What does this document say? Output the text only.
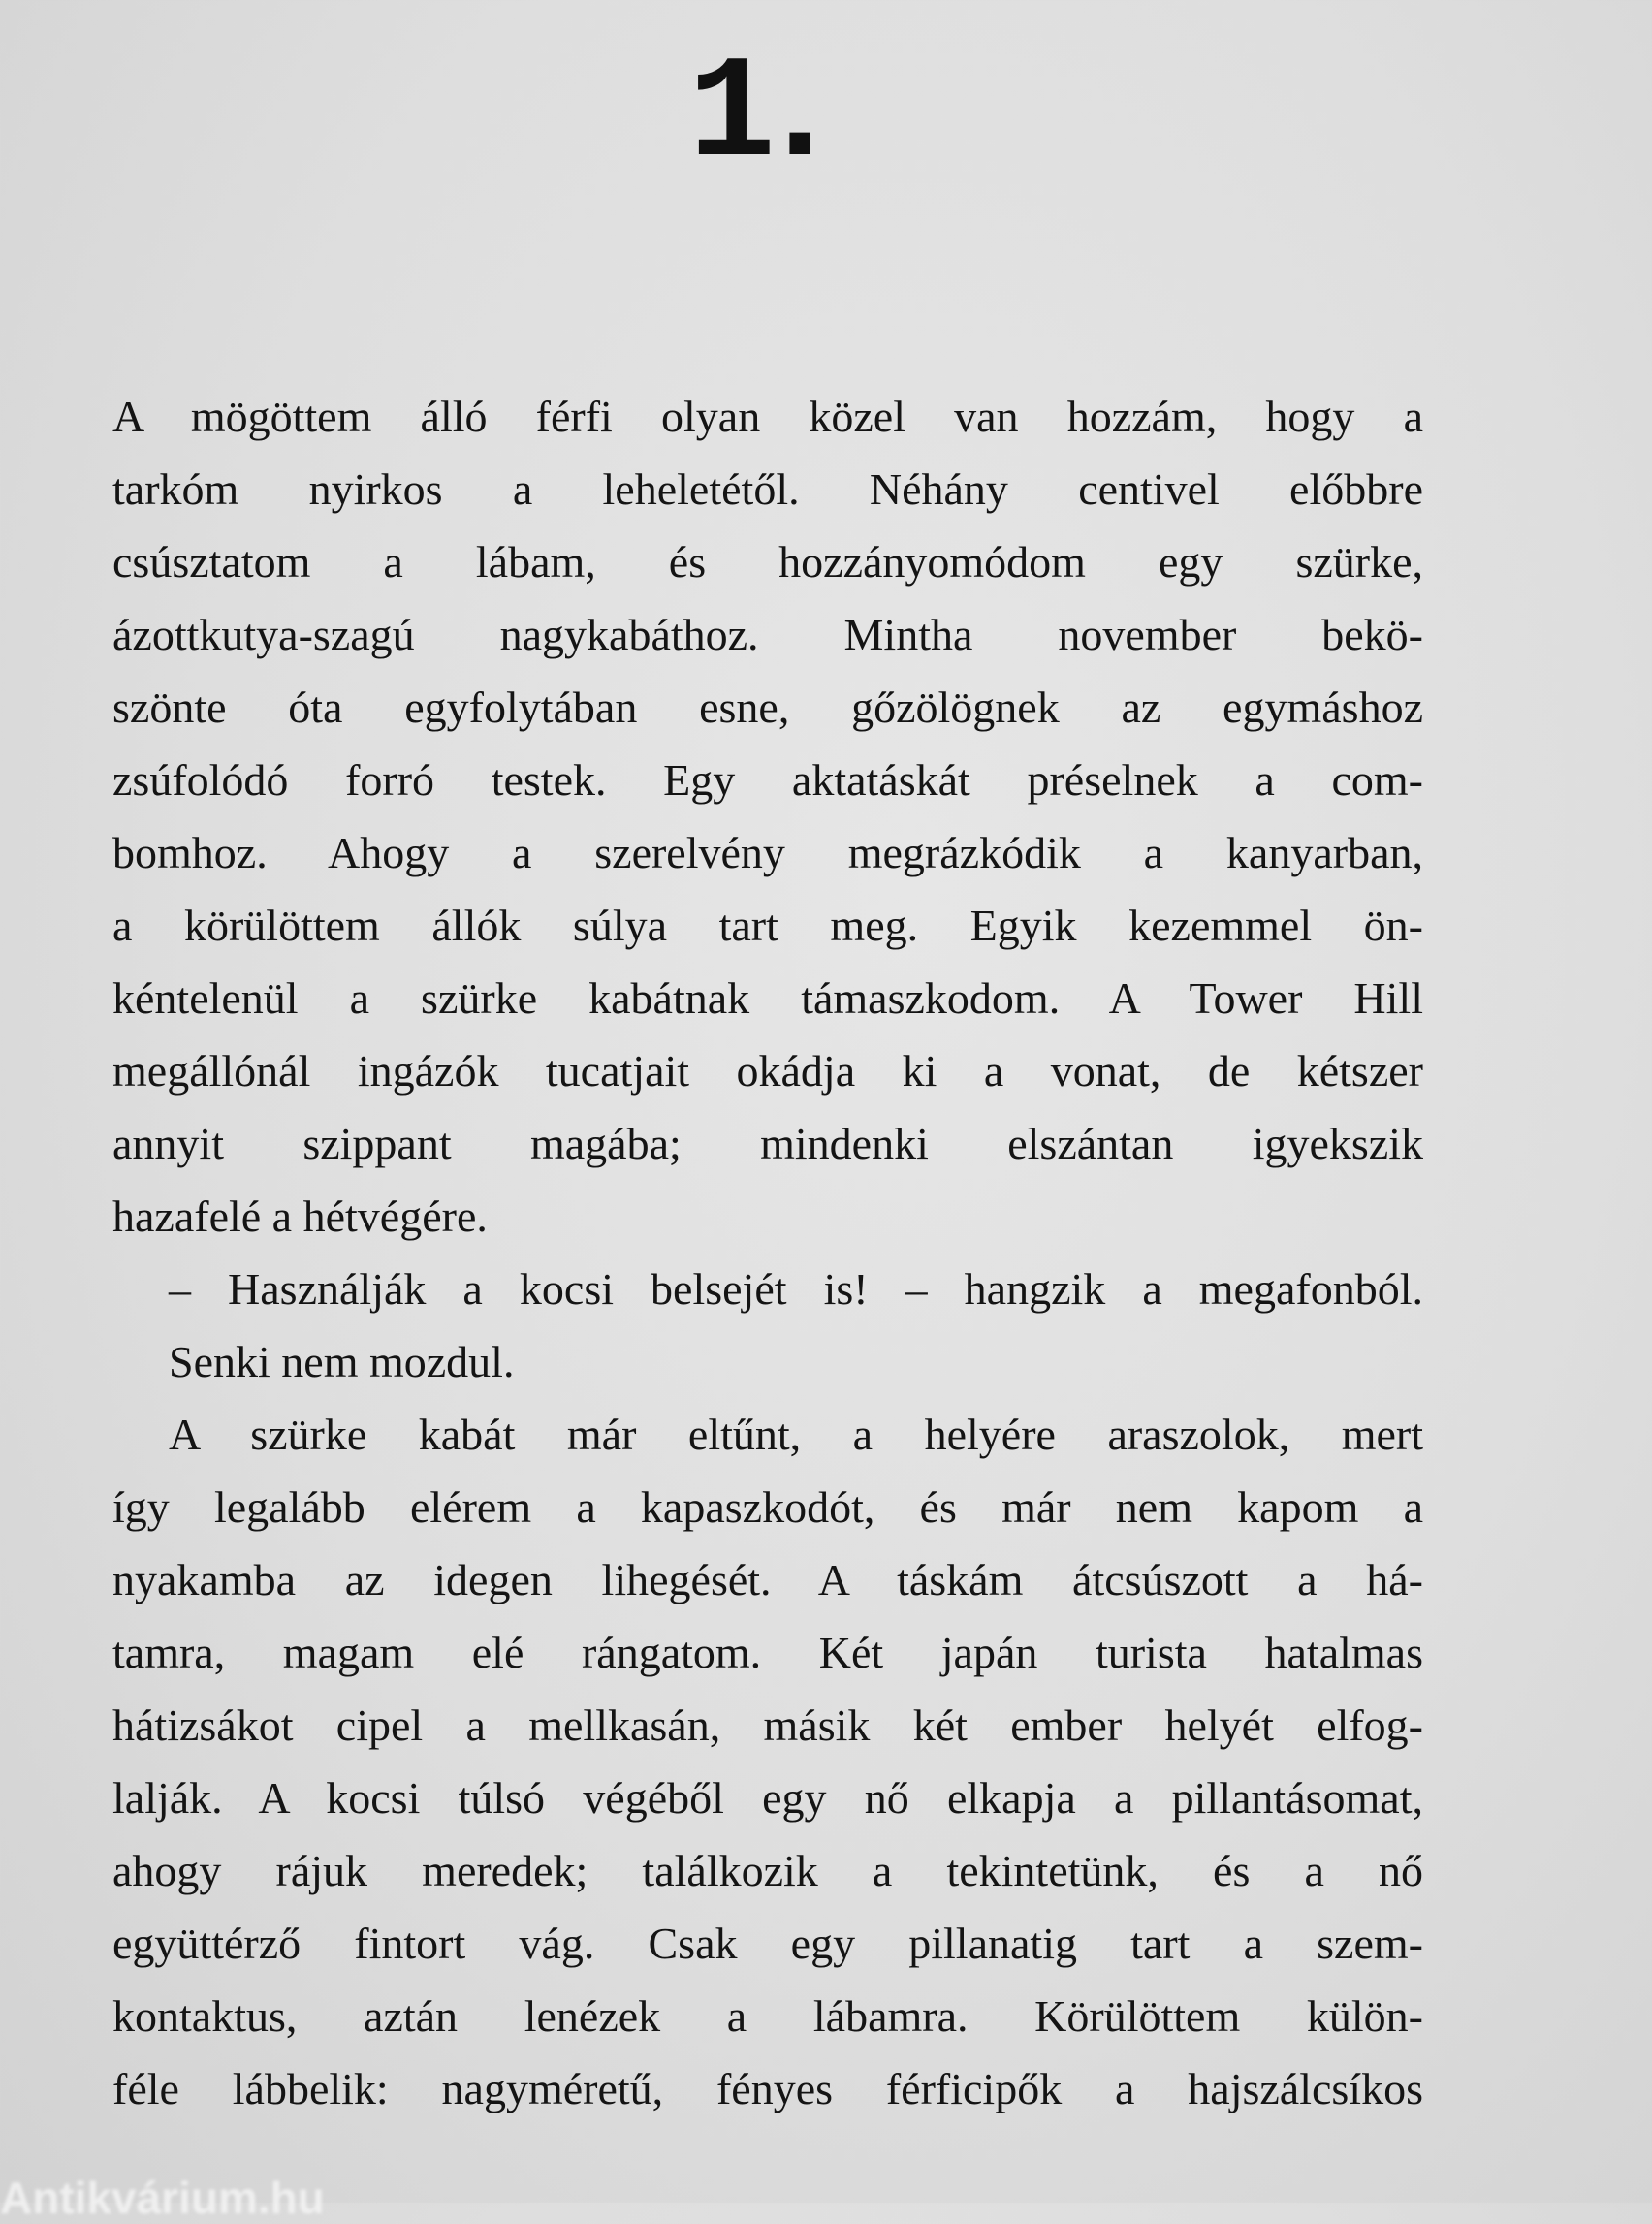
1.
A mögöttem álló férfi olyan közel van hozzám, hogy a
tarkóm nyirkos a leheletétől. Néhány centivel előbbre
csúsztatom a lábam, és hozzányomódom egy szürke,
ázottkutya-szagú nagykabáthoz. Mintha november bekö-
szönte óta egyfolytában esne, gőzölögnek az egymáshoz
zsúfolódó forró testek. Egy aktatáskát préselnek a com-
bomhoz. Ahogy a szerelvény megrázkódik a kanyarban,
a körülöttem állók súlya tart meg. Egyik kezemmel ön-
kéntelenül a szürke kabátnak támaszkodom. A Tower Hill
megállónál ingázók tucatjait okádja ki a vonat, de kétszer
annyit szippant magába; mindenki elszántan igyekszik
hazafelé a hétvégére.
– Használják a kocsi belsejét is! – hangzik a megafonból.
Senki nem mozdul.
A szürke kabát már eltűnt, a helyére araszolok, mert
így legalább elérem a kapaszkodót, és már nem kapom a
nyakamba az idegen lihegését. A táskám átcsúszott a há-
tamra, magam elé rángatom. Két japán turista hatalmas
hátizsákot cipel a mellkasán, másik két ember helyét elfog-
lalják. A kocsi túlsó végéből egy nő elkapja a pillantásomat,
ahogy rájuk meredek; találkozik a tekintetünk, és a nő
együttérző fintort vág. Csak egy pillanatig tart a szem-
kontaktus, aztán lenézek a lábamra. Körülöttem külön-
féle lábbelik: nagyméretű, fényes férficipők a hajszálcsíkos
Antikvárium.hu
